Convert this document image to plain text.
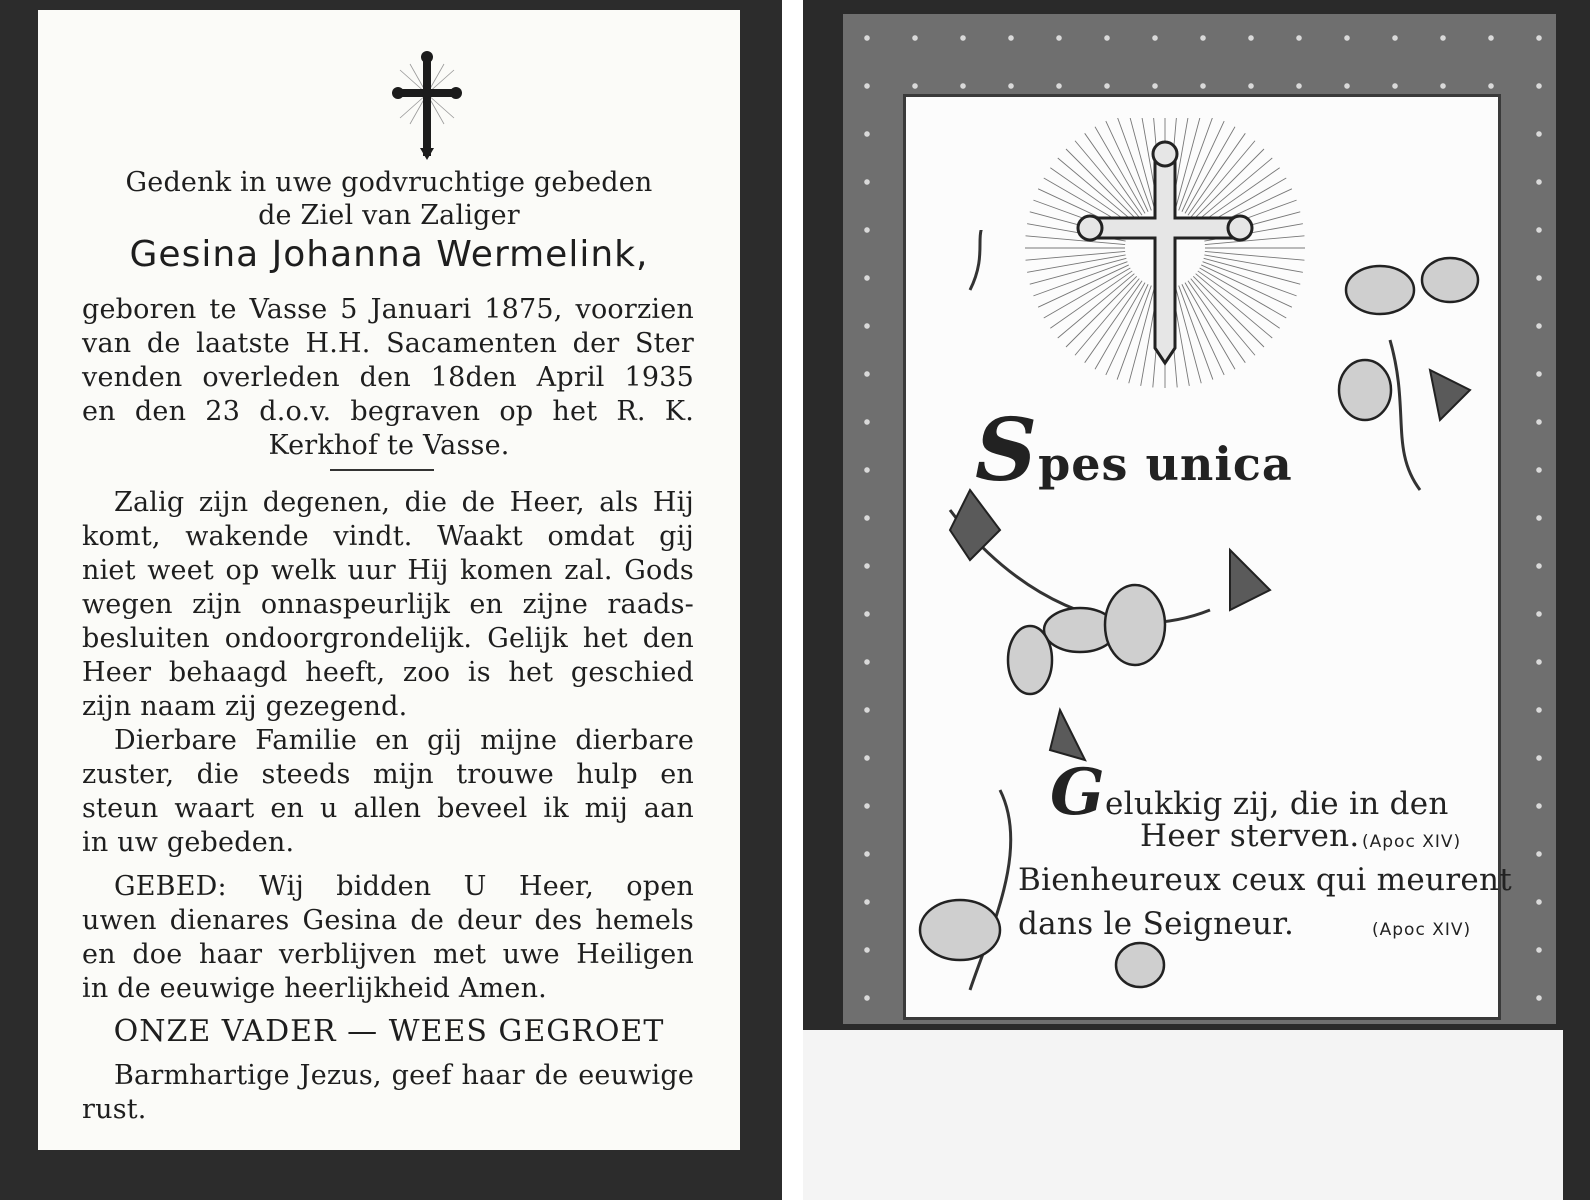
Gedenk in uwe godvruchtige gebeden
de Ziel van Zaliger
Gesina Johanna Wermelink,
geboren te Vasse 5 Januari 1875, voorzien
van de laatste H.H. Sacamenten der Ster
venden overleden den 18den April 1935
en den 23 d.o.v. begraven op het R. K.
Kerkhof te Vasse.
Zalig zijn degenen, die de Heer, als Hij
komt, wakende vindt. Waakt omdat gij
niet weet op welk uur Hij komen zal. Gods
wegen zijn onnaspeurlijk en zijne raads-
besluiten ondoorgrondelijk. Gelijk het den
Heer behaagd heeft, zoo is het geschied
zijn naam zij gezegend.
Dierbare Familie en gij mijne dierbare
zuster, die steeds mijn trouwe hulp en
steun waart en u allen beveel ik mij aan
in uw gebeden.
GEBED: Wij bidden U Heer, open
uwen dienares Gesina de deur des hemels
en doe haar verblijven met uwe Heiligen
in de eeuwige heerlijkheid Amen.
ONZE VADER — WEES GEGROET
Barmhartige Jezus, geef haar de eeuwige
rust.
Spes unica
Gelukkig zij, die in den
Heer sterven. (Apoc XIV)
Bienheureux ceux qui meurent
dans le Seigneur.	(Apoc XIV)
